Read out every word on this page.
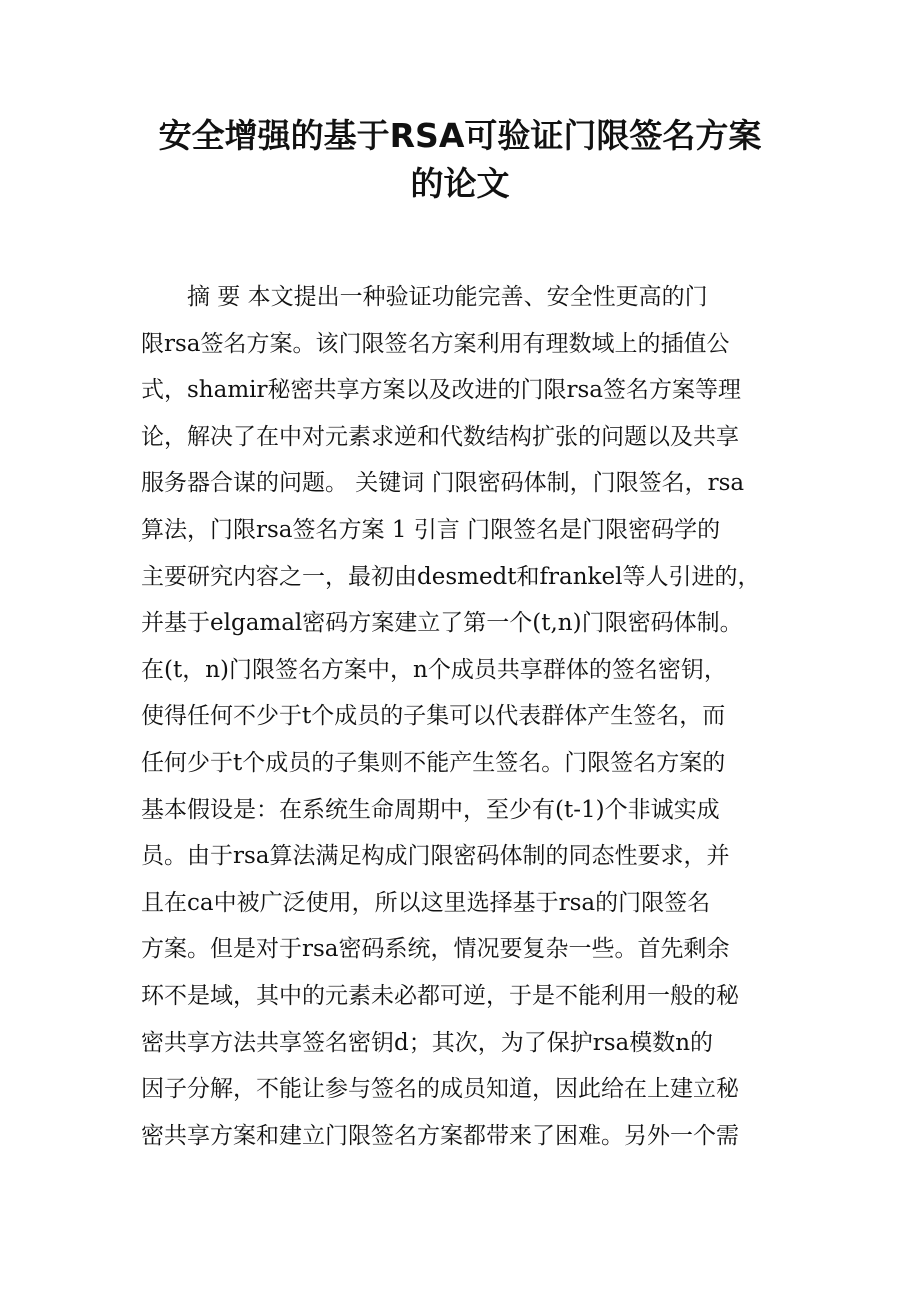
安全增强的基于RSA可验证门限签名方案
的论文
　　摘 要 本文提出一种验证功能完善、安全性更高的门
限rsa签名方案。该门限签名方案利用有理数域上的插值公
式，shamir秘密共享方案以及改进的门限rsa签名方案等理
论，解决了在中对元素求逆和代数结构扩张的问题以及共享
服务器合谋的问题。 关键词 门限密码体制，门限签名，rsa
算法，门限rsa签名方案 1 引言 门限签名是门限密码学的
主要研究内容之一，最初由desmedt和frankel等人引进的，
并基于elgamal密码方案建立了第一个(t,n)门限密码体制。
在(t，n)门限签名方案中，n个成员共享群体的签名密钥，
使得任何不少于t个成员的子集可以代表群体产生签名，而
任何少于t个成员的子集则不能产生签名。门限签名方案的
基本假设是：在系统生命周期中，至少有(t-1)个非诚实成
员。由于rsa算法满足构成门限密码体制的同态性要求，并
且在ca中被广泛使用，所以这里选择基于rsa的门限签名
方案。但是对于rsa密码系统，情况要复杂一些。首先剩余
环不是域，其中的元素未必都可逆，于是不能利用一般的秘
密共享方法共享签名密钥d；其次，为了保护rsa模数n的
因子分解，不能让参与签名的成员知道，因此给在上建立秘
密共享方案和建立门限签名方案都带来了困难。另外一个需
